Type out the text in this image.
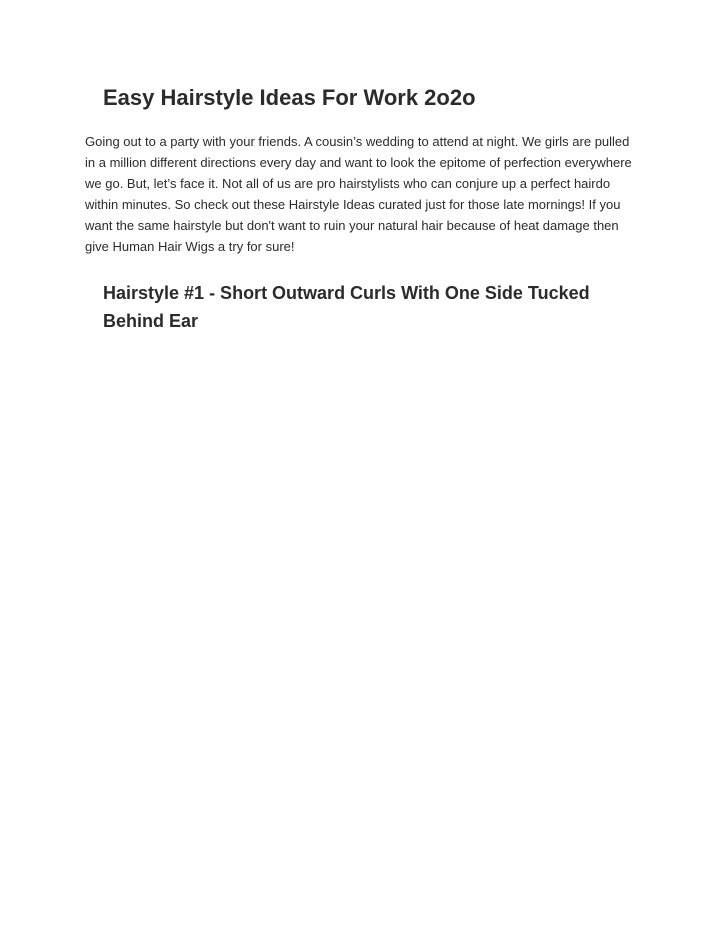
Easy Hairstyle Ideas For Work 2o2o

Going out to a party with your friends. A cousin’s wedding to attend at night. We girls are pulled
in a million different directions every day and want to look the epitome of perfection everywhere
we go. But, let’s face it. Not all of us are pro hairstylists who can conjure up a perfect hairdo
within minutes. So check out these Hairstyle Ideas curated just for those late mornings! If you
want the same hairstyle but don't want to ruin your natural hair because of heat damage then
give Human Hair Wigs a try for sure!

Hairstyle #1 - Short Outward Curls With One Side Tucked
Behind Ear
